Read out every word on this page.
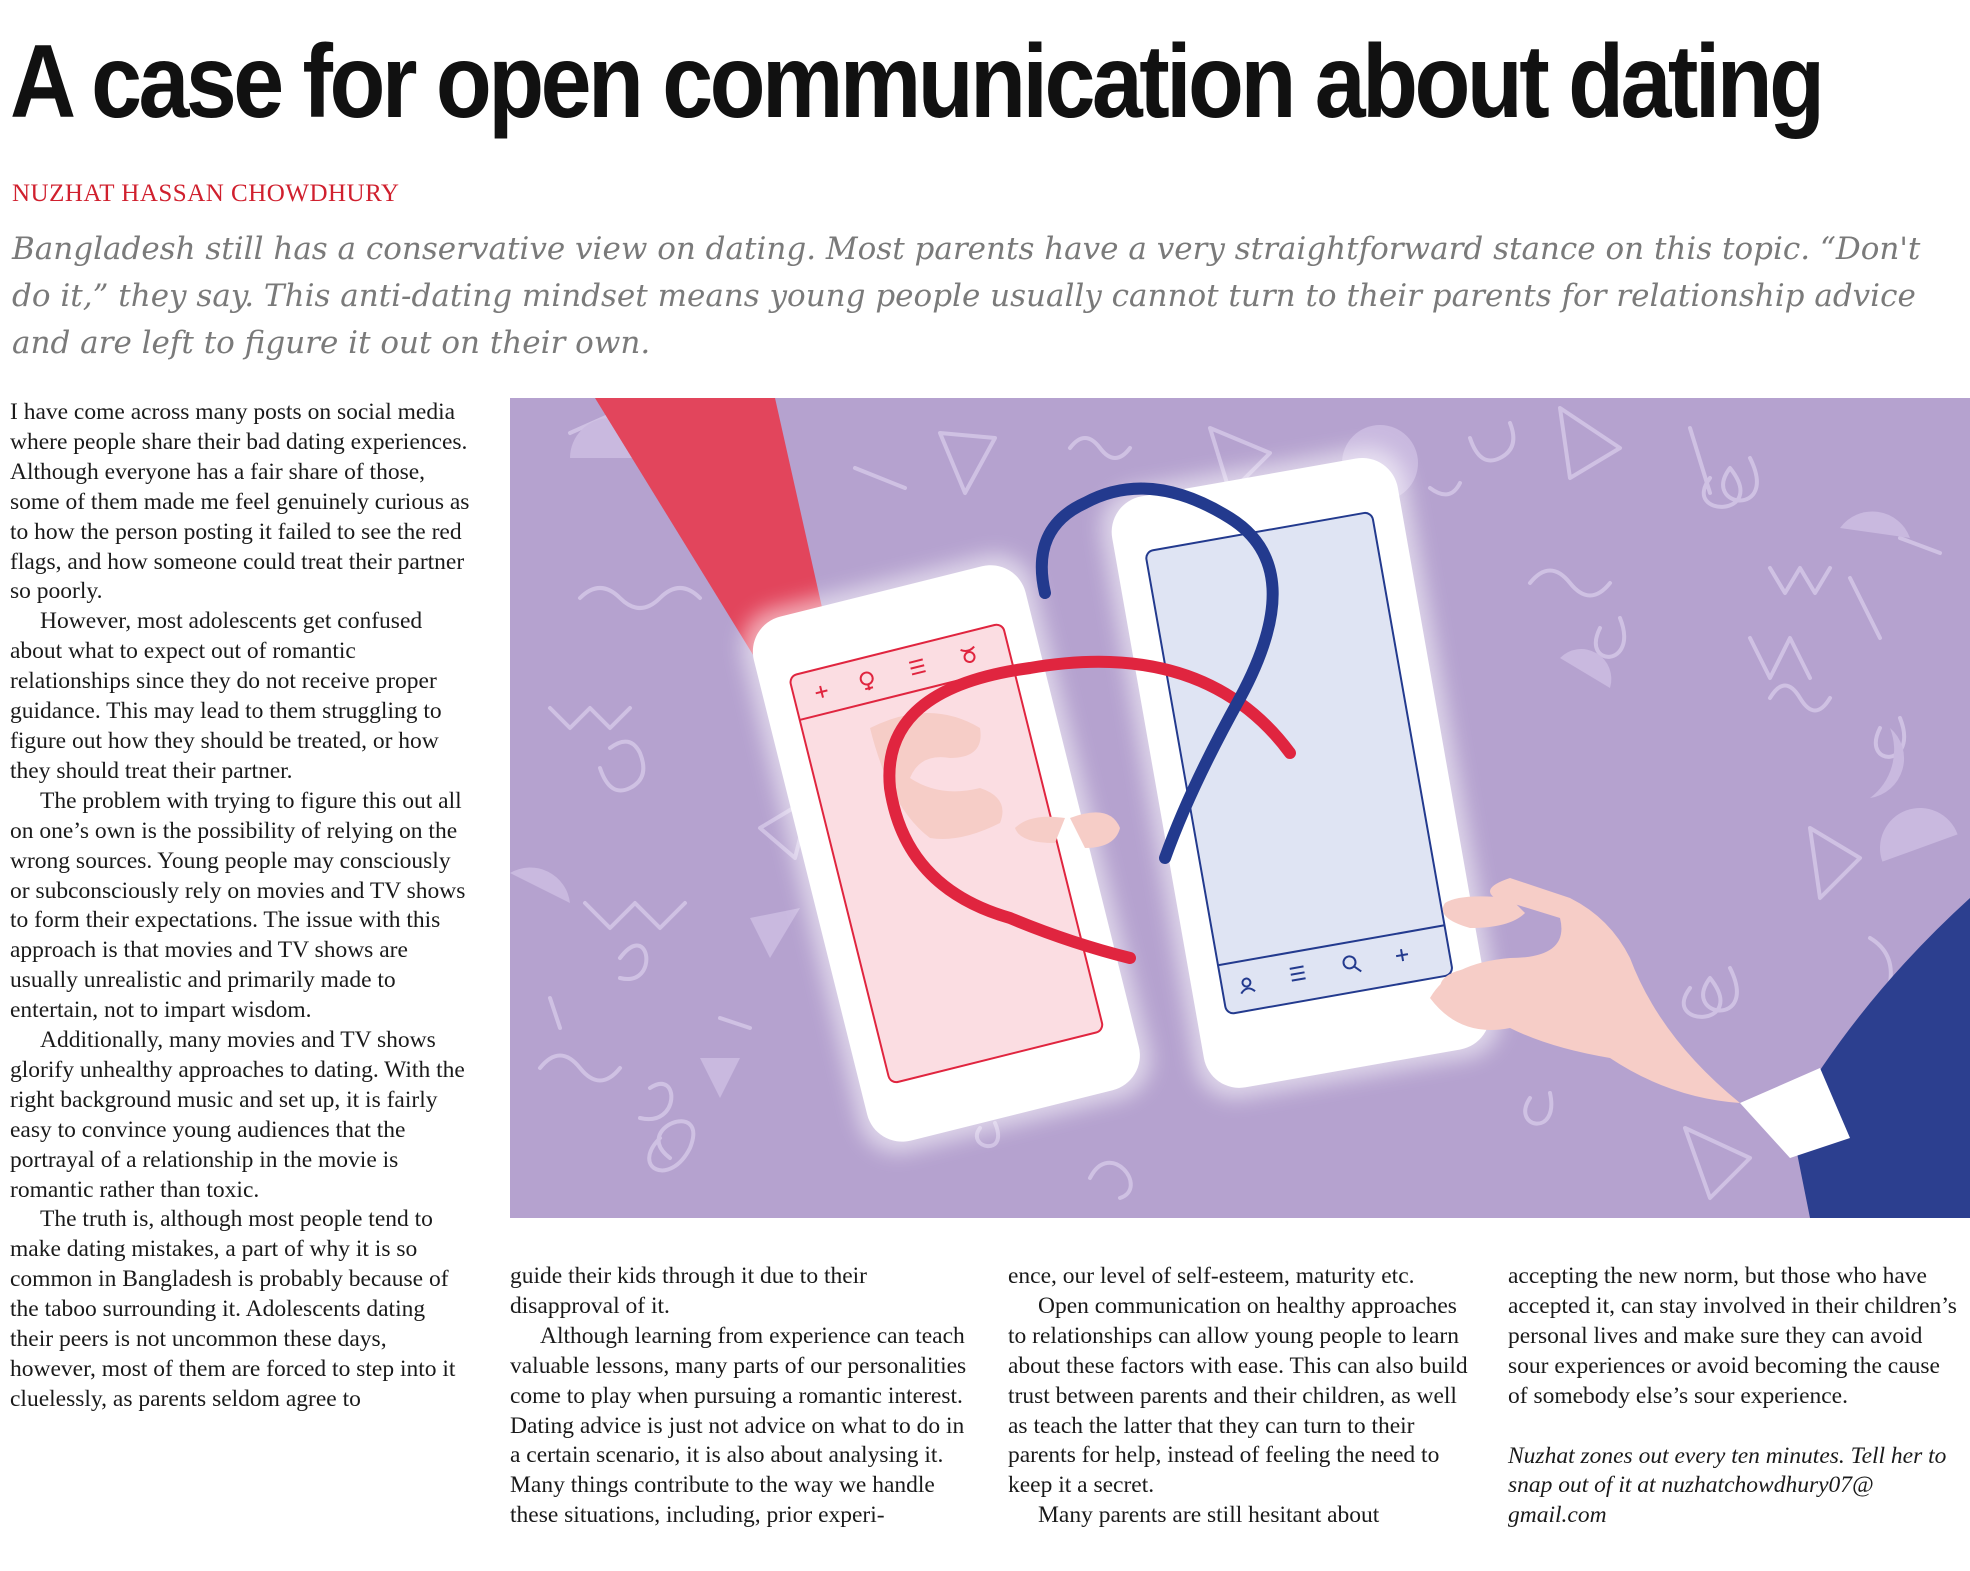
A case for open communication about dating
NUZHAT HASSAN CHOWDHURY

Bangladesh still has a conservative view on dating. Most parents have a very straightforward stance on this topic. “Don't do it,” they say. This anti-dating mindset means young people usually cannot turn to their parents for relationship advice and are left to figure it out on their own.

I have come across many posts on social media where people share their bad dating experiences. Although everyone has a fair share of those, some of them made me feel genuinely curious as to how the person posting it failed to see the red flags, and how someone could treat their partner so poorly.

However, most adolescents get confused about what to expect out of romantic relationships since they do not receive proper guidance. This may lead to them struggling to figure out how they should be treated, or how they should treat their partner.

The problem with trying to figure this out all on one’s own is the possibility of relying on the wrong sources. Young people may consciously or subconsciously rely on movies and TV shows to form their expectations. The issue with this approach is that movies and TV shows are usually unrealistic and primarily made to entertain, not to impart wisdom.

Additionally, many movies and TV shows glorify unhealthy approaches to dating. With the right background music and set up, it is fairly easy to convince young audiences that the portrayal of a relationship in the movie is romantic rather than toxic.

The truth is, although most people tend to make dating mistakes, a part of why it is so common in Bangladesh is probably because of the taboo surrounding it. Adolescents dating their peers is not uncommon these days, however, most of them are forced to step into it cluelessly, as parents seldom agree to

guide their kids through it due to their disapproval of it.

Although learning from experience can teach valuable lessons, many parts of our personalities come to play when pursuing a romantic interest. Dating advice is just not advice on what to do in a certain scenario, it is also about analysing it. Many things contribute to the way we handle these situations, including, prior experi-

ence, our level of self-esteem, maturity etc.

Open communication on healthy approaches to relationships can allow young people to learn about these factors with ease. This can also build trust between parents and their children, as well as teach the latter that they can turn to their parents for help, instead of feeling the need to keep it a secret.

Many parents are still hesitant about

accepting the new norm, but those who have accepted it, can stay involved in their children’s personal lives and make sure they can avoid sour experiences or avoid becoming the cause of somebody else’s sour experience.

Nuzhat zones out every ten minutes. Tell her to snap out of it at nuzhatchowdhury07@ gmail.com
